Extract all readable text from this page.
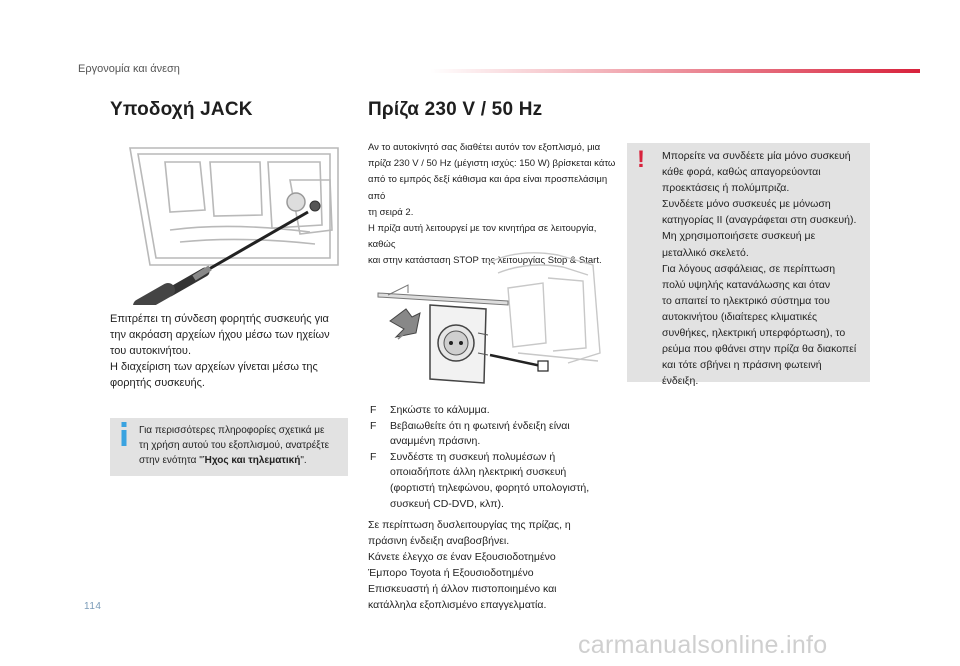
Εργονομία και άνεση
Υποδοχή JACK
Επιτρέπει τη σύνδεση φορητής συσκευής για
την ακρόαση αρχείων ήχου μέσω των ηχείων
του αυτοκινήτου.
Η διαχείριση των αρχείων γίνεται μέσω της
φορητής συσκευής.
Για περισσότερες πληροφορίες σχετικά με
τη χρήση αυτού του εξοπλισμού, ανατρέξτε
στην ενότητα "Ήχος και τηλεματική".
Πρίζα 230 V / 50 Hz
Αν το αυτοκίνητό σας διαθέτει αυτόν τον εξοπλισμό, μια
πρίζα 230 V / 50 Hz (μέγιστη ισχύς: 150 W) βρίσκεται κάτω
από το εμπρός δεξί κάθισμα και άρα είναι προσπελάσιμη από
τη σειρά 2.
Η πρίζα αυτή λειτουργεί με τον κινητήρα σε λειτουργία, καθώς
και στην κατάσταση STOP της λειτουργίας Stop & Start.
F Σηκώστε το κάλυμμα.
F Βεβαιωθείτε ότι η φωτεινή ένδειξη είναι
αναμμένη πράσινη.
F Συνδέστε τη συσκευή πολυμέσων ή
οποιαδήποτε άλλη ηλεκτρική συσκευή
(φορτιστή τηλεφώνου, φορητό υπολογιστή,
συσκευή CD-DVD, κλπ).
Σε περίπτωση δυσλειτουργίας της πρίζας, η
πράσινη ένδειξη αναβοσβήνει.
Κάνετε έλεγχο σε έναν Εξουσιοδοτημένο
Έμπορο Toyota ή Εξουσιοδοτημένο
Επισκευαστή ή άλλον πιστοποιημένο και
κατάλληλα εξοπλισμένο επαγγελματία.
! Μπορείτε να συνδέετε μία μόνο συσκευή
κάθε φορά, καθώς απαγορεύονται
προεκτάσεις ή πολύμπριζα.
Συνδέετε μόνο συσκευές με μόνωση
κατηγορίας II (αναγράφεται στη συσκευή).
Μη χρησιμοποιήσετε συσκευή με
μεταλλικό σκελετό.
Για λόγους ασφάλειας, σε περίπτωση
πολύ υψηλής κατανάλωσης και όταν
το απαιτεί το ηλεκτρικό σύστημα του
αυτοκινήτου (ιδιαίτερες κλιματικές
συνθήκες, ηλεκτρική υπερφόρτωση), το
ρεύμα που φθάνει στην πρίζα θα διακοπεί
και τότε σβήνει η πράσινη φωτεινή
ένδειξη.
114
carmanualsonline.info
